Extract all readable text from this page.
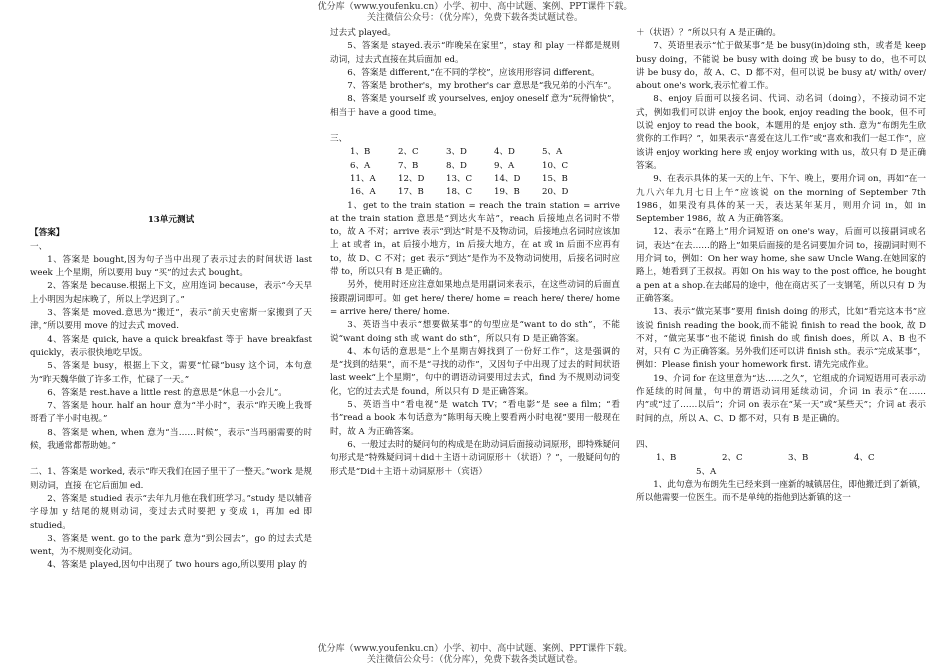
优分库（www.youfenku.cn）小学、初中、高中试题、案例、PPT课件下载。
关注微信公众号：（优分库），免费下载各类试题试卷。
13单元测试

【答案】

一、

1、答案是 bought,因为句子当中出现了表示过去的时间状语 last week 上个星期，所以要用 buy “买”的过去式 bought。

2、答案是 because.根据上下文，应用连词 because，表示“今天早上小明因为起床晚了，所以上学迟到了。”

3、答案是 moved.意思为“搬迁”，表示“前天史密斯一家搬到了天津，”所以要用 move 的过去式 moved.

4、答案是 quick, have a quick breakfast 等于 have breakfast quickly，表示很快地吃早饭。

5、答案是 busy，根据上下文，需要“忙碌”busy 这个词，本句意为“昨天魏华做了许多工作，忙碌了一天。”

6、答案是 rest.have a little rest 的意思是“休息一小会儿”。

7、答案是 hour. half an hour 意为“半小时”，表示“昨天晚上我哥哥看了半小时电视。”

8、答案是 when, when 意为“当……时候”，表示“当玛丽需要的时候，我通常都帮助她。”

二、1、答案是 worked, 表示“昨天我们在园子里干了一整天。”work 是规则动词，直接 在它后面加 ed.

2、答案是 studied 表示“去年九月他在我们班学习。”study 是以辅音字母加 y 结尾的规则动词，变过去式时要把 y 变成 i，再加 ed 即 studied。

3、答案是 went. go to the park 意为“到公园去”，go 的过去式是 went，为不规则变化动词。

4、答案是 played,因句中出现了 two hours ago,所以要用 play 的

过去式 played。

5、答案是 stayed.表示“昨晚呆在家里”，stay 和 play 一样都是规则动词，过去式直接在其后面加 ed。

6、答案是 different,“在不同的学校”，应该用形容词 different。

7、答案是 brother's，my brother's car 意思是“我兄弟的小汽车”。

8、答案是 yourself 或 yourselves, enjoy oneself 意为“玩得愉快”，相当于 have a good time。

三、

1、B	2、C	3、D	4、D	5、A
6、A	7、B	8、D	9、A	10、C
11、A	12、D	13、C	14、D	15、B
16、A	17、B	18、C	19、B	20、D

1、get to the train station = reach the train station = arrive at the train station 意思是“到达火车站”，reach 后接地点名词时不带 to，故 A 不对；arrive 表示“到达”时是不及物动词，后接地点名词时应该加上 at 或者 in，at 后接小地方，in 后接大地方，在 at 或 in 后面不应再有 to，故 D、C 不对；get 表示“到达”是作为不及物动词使用，后接名词时应带 to，所以只有 B 是正确的。

另外，使用时还应注意如果地点是用副词来表示，在这些动词的后面直接跟副词即可。如 get here/ there/ home = reach here/ there/ home = arrive here/ there/ home.

3、英语当中表示“想要做某事”的句型应是“want to do sth”，不能说“want doing sth 或 want do sth”，所以只有 D 是正确答案。

4、本句话的意思是“上个星期吉姆找到了一份好工作”，这是强调的是“找到的结果”，而不是“寻找的动作”，又因句子中出现了过去的时间状语 last week“上个星期”，句中的谓语动词要用过去式，find 为不规则动词变化，它的过去式是 found，所以只有 D 是正确答案。

5、英语当中“看电视”是 watch TV；“看电影”是 see a film；“看书”read a book 本句话意为“陈明每天晚上要看两小时电视”要用一般现在时，故 A 为正确答案。

6、一般过去时的疑问句的构成是在助动词后面接动词原形，即特殊疑问句形式是“特殊疑问词＋did＋主语＋动词原形＋（状语）？”，一般疑问句的形式是“Did＋主语＋动词原形＋（宾语）

＋（状语）？”所以只有 A 是正确的。

7、英语里表示“忙于做某事”是 be busy(in)doing sth，或者是 keep busy doing，不能说 be busy with doing 或 be busy to do，也不可以讲 be busy do，故 A、C、D 都不对，但可以说 be busy at/ with/ over/ about one's work,表示忙着工作。

8、enjoy 后面可以接名词、代词、动名词（doing），不接动词不定式，例如我们可以讲 enjoy the book, enjoy reading the book，但不可以说 enjoy to read the book，本题用的是 enjoy sth. 意为“布朗先生欣赏你的工作吗？”，如果表示“喜爱在这儿工作”或“喜欢和我们一起工作”，应该讲 enjoy working here 或 enjoy working with us，故只有 D 是正确答案。

9、在表示具体的某一天的上午、下午、晚上，要用介词 on，再如“在一九八六年九月七日上午”应该说 on the morning of September 7th 1986，如果没有具体的某一天，表达某年某月，则用介词 in，如 in September 1986，故 A 为正确答案。

12、表示“在路上”用介词短语 on one's way，后面可以接副词或名词，表达“在去……的路上”如果后面接的是名词要加介词 to，接副词时则不用介词 to，例如：On her way home, she saw Uncle Wang.在她回家的路上，她看到了王叔叔。再如 On his way to the post office, he bought a pen at a shop.在去邮局的途中，他在商店买了一支钢笔，所以只有 D 为正确答案。

13、表示“做完某事”要用 finish doing 的形式，比如“看完这本书”应该说 finish reading the book,而不能说 finish to read the book, 故 D 不对，“做完某事”也不能说 finish do 或 finish does，所以 A、B 也不对，只有 C 为正确答案。另外我们还可以讲 finish sth。表示“完成某事”，例如：Please finish your homework first. 请先完成作业。

19、介词 for 在这里意为“达……之久”，它组成的介词短语用可表示动作延续的时间量，句中的谓语动词用延续动词，介词 in 表示“在……内”或“过了……以后”；介词 on 表示在“某一天”或“某些天”；介词 at 表示时间的点，所以 A、C、D 都不对，只有 B 是正确的。

四、

1、B	2、C	3、B	4、C

5、A

1、此句意为布朗先生已经来到一座新的城镇居住，即他搬迁到了新镇，所以他需要一位医生。而不是单纯的指他到达新镇的这一

优分库（www.youfenku.cn）小学、初中、高中试题、案例、PPT课件下载。
关注微信公众号：（优分库），免费下载各类试题试卷。
